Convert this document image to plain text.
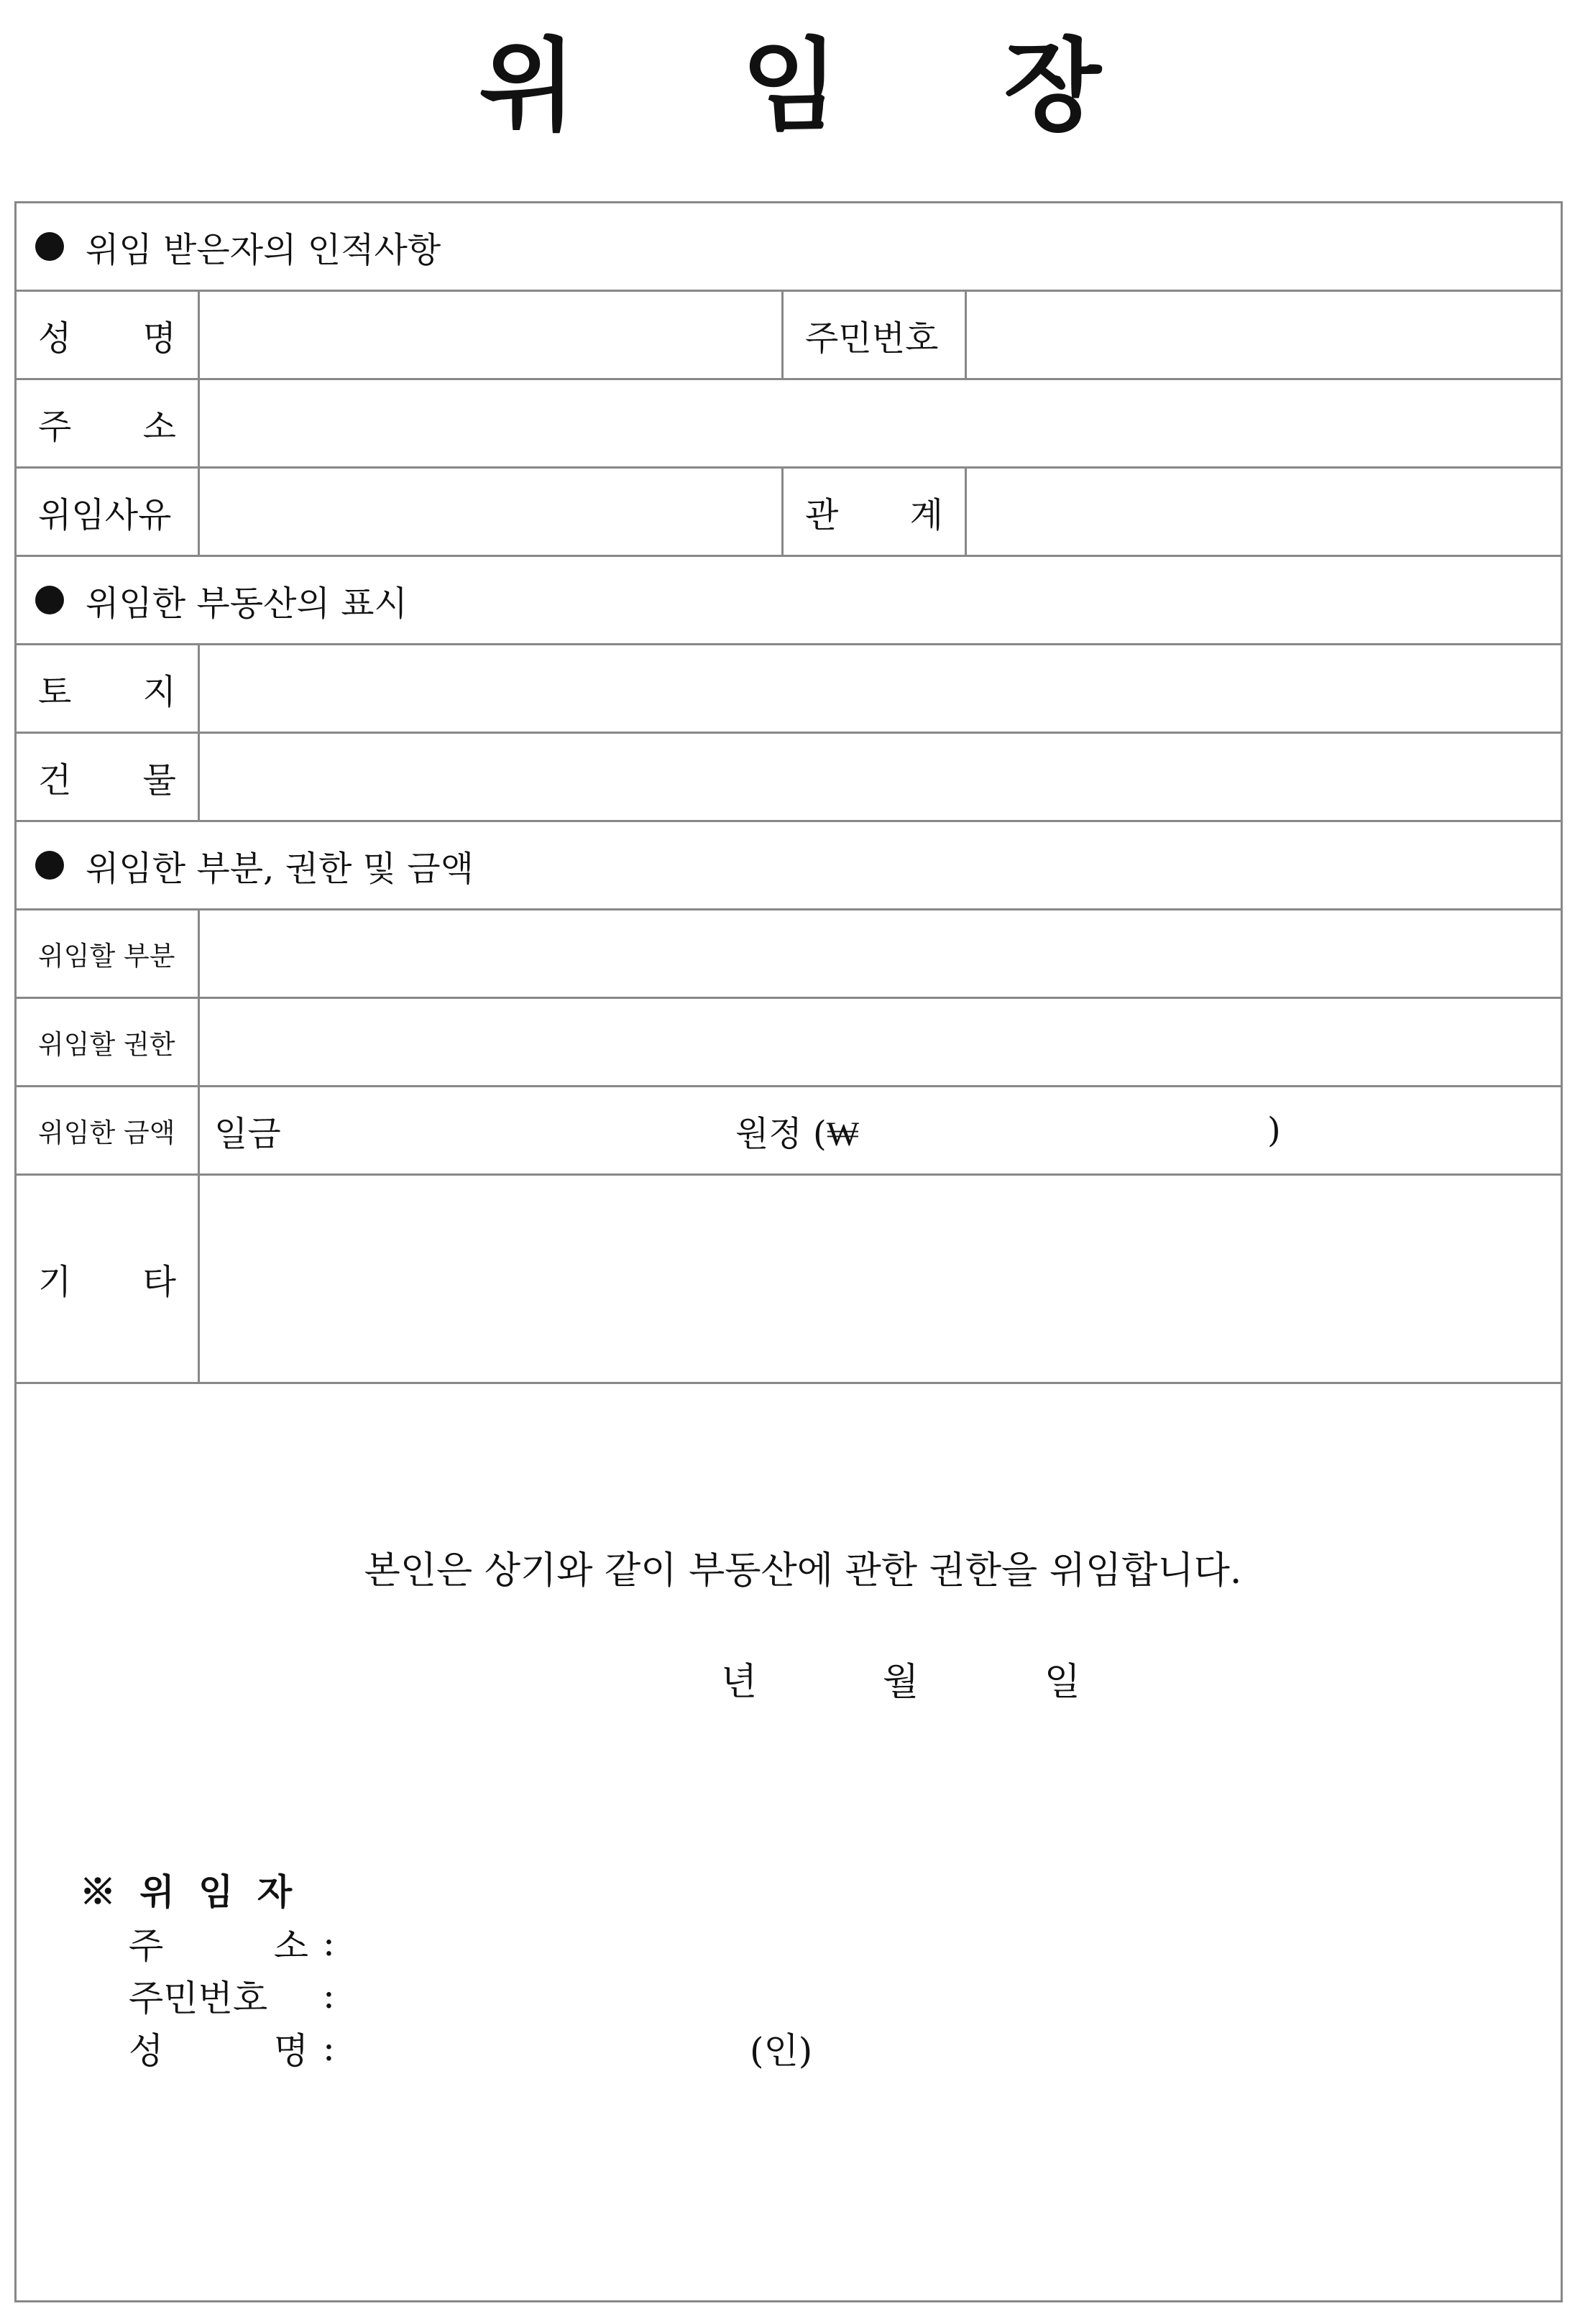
위 임 장
위임 받은자의 인적사항
성 명	주민번호
주 소
위임사유	관 계
위임한 부동산의 표시
토 지
건 물
위임한 부분, 권한 및 금액
위임할 부분
위임할 권한
위임한 금액 일금	원정 (₩	)
기 타
본인은 상기와 같이 부동산에 관한 권한을 위임합니다.
년	월	일
※ 위 임 자
주	소 :
주민번호 :
성	명 :	(인)
